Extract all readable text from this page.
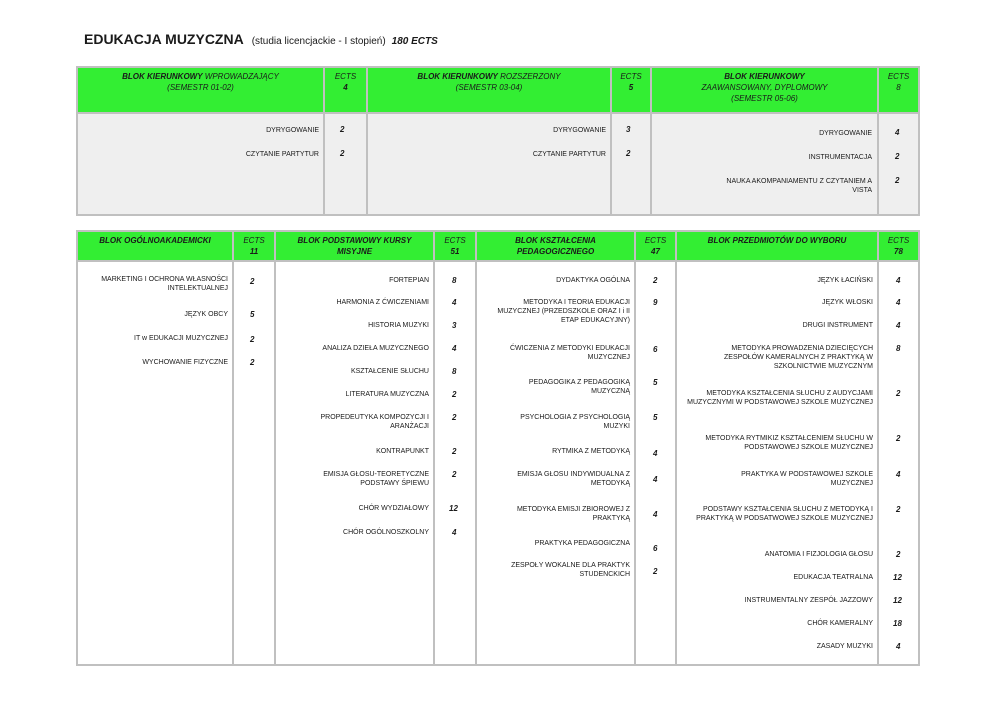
EDUKACJA MUZYCZNA (studia licencjackie - I stopień) 180 ECTS
BLOK KIERUNKOWY WPROWADZAJĄCY
(SEMESTR 01-02)
ECTS
4
BLOK KIERUNKOWY ROZSZERZONY
(SEMESTR 03-04)
ECTS
5
BLOK KIERUNKOWY
ZAAWANSOWANY, DYPLOMOWY
(SEMESTR 05-06)
ECTS
8
DYRYGOWANIE
CZYTANIE PARTYTUR
2
2
DYRYGOWANIE
CZYTANIE PARTYTUR
3
2
DYRYGOWANIE
INSTRUMENTACJA
NAUKA AKOMPANIAMENTU Z CZYTANIEM A VISTA
4
2
2
BLOK OGÓLNOAKADEMICKI	ECTS
11
BLOK PODSTAWOWY KURSY MISYJNE
ECTS
51
BLOK KSZTAŁCENIA PEDAGOGICZNEGO
ECTS
47
BLOK PRZEDMIOTÓW DO WYBORU	ECTS
78
MARKETING I OCHRONA WŁASNOŚCI INTELEKTUALNEJ
JĘZYK OBCY
IT w EDUKACJI MUZYCZNEJ
WYCHOWANIE FIZYCZNE
2
5
2
2
FORTEPIAN
HARMONIA Z ĆWICZENIAMI
HISTORIA MUZYKI
ANALIZA DZIEŁA MUZYCZNEGO
KSZTAŁCENIE SŁUCHU
LITERATURA MUZYCZNA
PROPEDEUTYKA KOMPOZYCJI I ARANŻACJI
KONTRAPUNKT
EMISJA GŁOSU-TEORETYCZNE PODSTAWY ŚPIEWU
CHÓR WYDZIAŁOWY
CHÓR OGÓLNOSZKOLNY
8
4
3
4
8
2
2
2
2
12
4
DYDAKTYKA OGÓLNA
METODYKA I TEORIA EDUKACJI MUZYCZNEJ (PRZEDSZKOLE ORAZ I i II ETAP EDUKACYJNY)
ĆWICZENIA Z METODYKI EDUKACJI MUZYCZNEJ
PEDAGOGIKA Z PEDAGOGIKĄ MUZYCZNĄ
PSYCHOLOGIA Z PSYCHOLOGIĄ MUZYKI
RYTMIKA Z METODYKĄ
EMISJA GŁOSU INDYWIDUALNA Z METODYKĄ
METODYKA EMISJI ZBIOROWEJ Z PRAKTYKĄ
PRAKTYKA PEDAGOGICZNA
ZESPOŁY WOKALNE DLA PRAKTYK STUDENCKICH
2
9
6
5
5
4
4
4
6
2
JĘZYK ŁACIŃSKI
JĘZYK WŁOSKI
DRUGI INSTRUMENT
METODYKA PROWADZENIA DZIECIĘCYCH ZESPOŁÓW KAMERALNYCH Z PRAKTYKĄ W SZKOLNICTWIE MUZYCZNYM
METODYKA KSZTAŁCENIA SŁUCHU Z AUDYCJAMI MUZYCZNYMI W PODSTAWOWEJ SZKOLE MUZYCZNEJ
METODYKA RYTMIKIZ KSZTAŁCENIEM SŁUCHU W PODSTAWOWEJ SZKOLE MUZYCZNEJ
PRAKTYKA W PODSTAWOWEJ SZKOLE MUZYCZNEJ
PODSTAWY KSZTAŁCENIA SŁUCHU Z METODYKĄ I PRAKTYKĄ W PODSATWOWEJ SZKOLE MUZYCZNEJ
ANATOMIA I FIZJOLOGIA GŁOSU
EDUKACJA TEATRALNA
INSTRUMENTALNY ZESPÓŁ JAZZOWY
CHÓR KAMERALNY
ZASADY MUZYKI
4
4
4
8
2
2
4
2
2
12
12
18
4
